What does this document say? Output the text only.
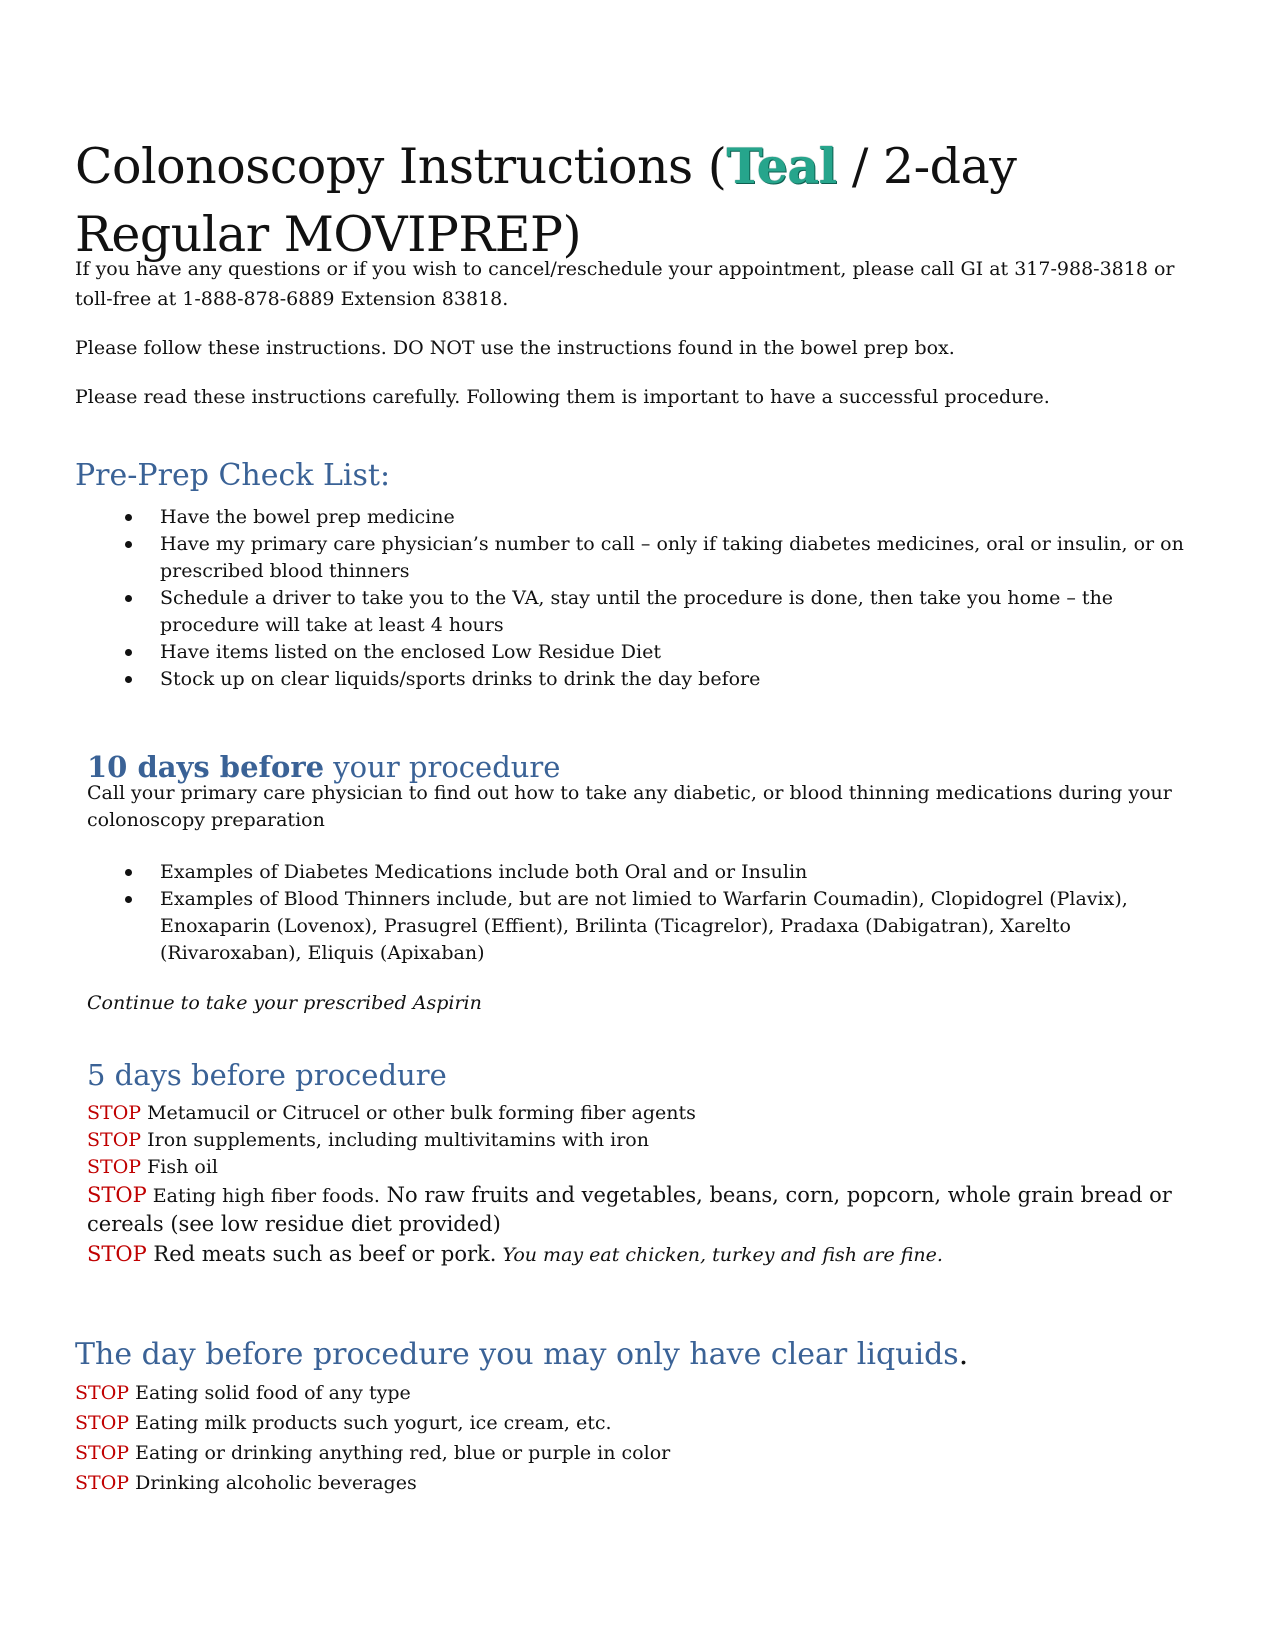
Colonoscopy Instructions (Teal / 2-day Regular MOVIPREP)

If you have any questions or if you wish to cancel/reschedule your appointment, please call GI at 317-988-3818 or toll-free at 1-888-878-6889 Extension 83818.

Please follow these instructions. DO NOT use the instructions found in the bowel prep box.

Please read these instructions carefully. Following them is important to have a successful procedure.

Pre-Prep Check List:
Have the bowel prep medicine
Have my primary care physician’s number to call – only if taking diabetes medicines, oral or insulin, or on prescribed blood thinners
Schedule a driver to take you to the VA, stay until the procedure is done, then take you home – the procedure will take at least 4 hours
Have items listed on the enclosed Low Residue Diet
Stock up on clear liquids/sports drinks to drink the day before
10 days before your procedure

Call your primary care physician to find out how to take any diabetic, or blood thinning medications during your colonoscopy preparation

Examples of Diabetes Medications include both Oral and or Insulin
Examples of Blood Thinners include, but are not limied to Warfarin Coumadin), Clopidogrel (Plavix), Enoxaparin (Lovenox), Prasugrel (Effient), Brilinta (Ticagrelor), Pradaxa (Dabigatran), Xarelto (Rivaroxaban), Eliquis (Apixaban)

Continue to take your prescribed Aspirin

5 days before procedure
STOP Metamucil or Citrucel or other bulk forming fiber agents
STOP Iron supplements, including multivitamins with iron
STOP Fish oil
STOP Eating high fiber foods. No raw fruits and vegetables, beans, corn, popcorn, whole grain bread or cereals (see low residue diet provided)
STOP Red meats such as beef or pork. You may eat chicken, turkey and fish are fine.
The day before procedure you may only have clear liquids.
STOP Eating solid food of any type
STOP Eating milk products such yogurt, ice cream, etc.
STOP Eating or drinking anything red, blue or purple in color
STOP Drinking alcoholic beverages
